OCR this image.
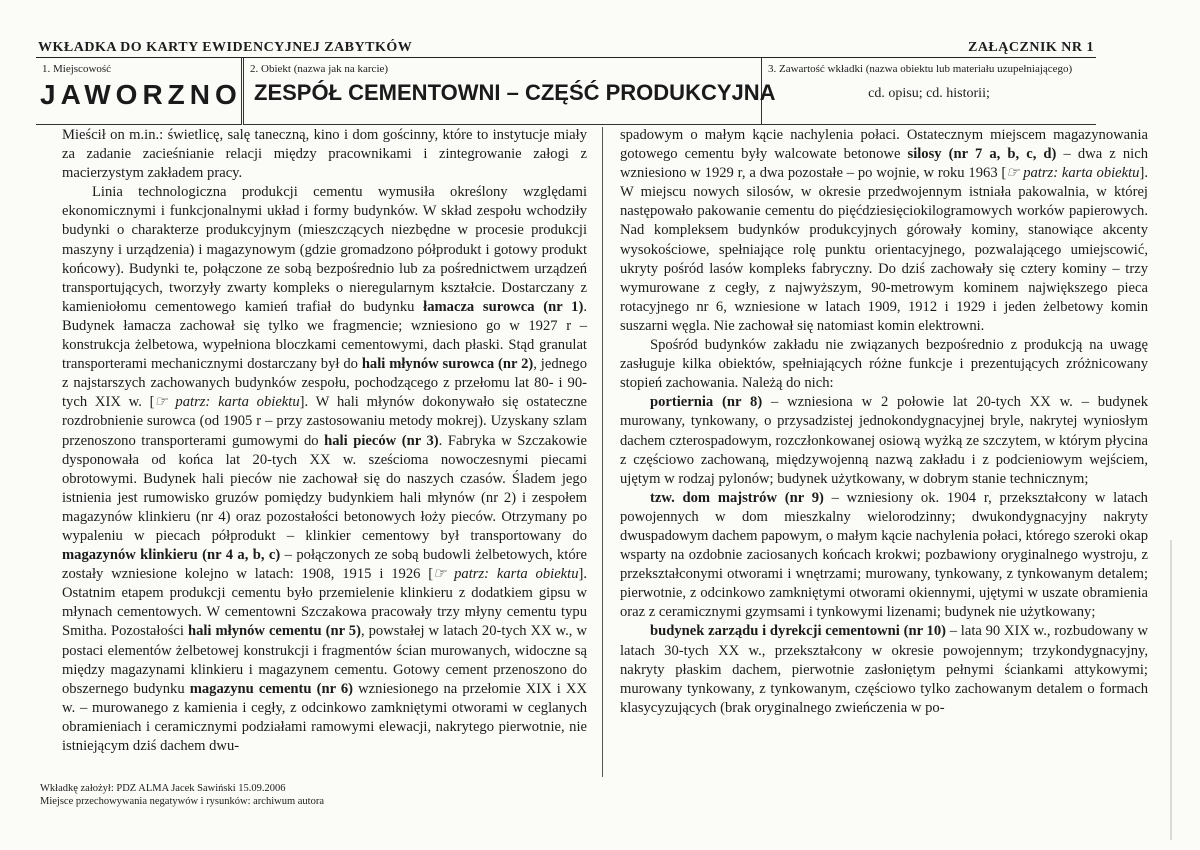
WKŁADKA DO KARTY EWIDENCYJNEJ ZABYTKÓW	ZAŁĄCZNIK NR 1
1. Miejscowość
JAWORZNO
2. Obiekt (nazwa jak na karcie)
ZESPÓŁ CEMENTOWNI – CZĘŚĆ PRODUKCYJNA
3. Zawartość wkładki (nazwa obiektu lub materiału uzupełniającego)
cd. opisu; cd. historii;

Mieścił on m.in.: świetlicę, salę taneczną, kino i dom gościnny, które to instytucje miały za zadanie zacieśnianie relacji między pracownikami i zintegrowanie załogi z macierzystym zakładem pracy.

Linia technologiczna produkcji cementu wymusiła określony względami ekonomicznymi i funkcjonalnymi układ i formy budynków. W skład zespołu wchodziły budynki o charakterze produkcyjnym (mieszczących niezbędne w procesie produkcji maszyny i urządzenia) i magazynowym (gdzie gromadzono półprodukt i gotowy produkt końcowy). Budynki te, połączone ze sobą bezpośrednio lub za pośrednictwem urządzeń transportujących, tworzyły zwarty kompleks o nieregularnym kształcie. Dostarczany z kamieniołomu cementowego kamień trafiał do budynku łamacza surowca (nr 1). Budynek łamacza zachował się tylko we fragmencie; wzniesiono go w 1927 r – konstrukcja żelbetowa, wypełniona bloczkami cementowymi, dach płaski. Stąd granulat transporterami mechanicznymi dostarczany był do hali młynów surowca (nr 2), jednego z najstarszych zachowanych budynków zespołu, pochodzącego z przełomu lat 80- i 90-tych XIX w. [☞ patrz: karta obiektu]. W hali młynów dokonywało się ostateczne rozdrobnienie surowca (od 1905 r – przy zastosowaniu metody mokrej). Uzyskany szlam przenoszono transporterami gumowymi do hali pieców (nr 3). Fabryka w Szczakowie dysponowała od końca lat 20-tych XX w. sześcioma nowoczesnymi piecami obrotowymi. Budynek hali pieców nie zachował się do naszych czasów. Śladem jego istnienia jest rumowisko gruzów pomiędzy budynkiem hali młynów (nr 2) i zespołem magazynów klinkieru (nr 4) oraz pozostałości betonowych łoży pieców. Otrzymany po wypaleniu w piecach półprodukt – klinkier cementowy był transportowany do magazynów klinkieru (nr 4 a, b, c) – połączonych ze sobą budowli żelbetowych, które zostały wzniesione kolejno w latach: 1908, 1915 i 1926 [☞ patrz: karta obiektu]. Ostatnim etapem produkcji cementu było przemielenie klinkieru z dodatkiem gipsu w młynach cementowych. W cementowni Szczakowa pracowały trzy młyny cementu typu Smitha. Pozostałości hali młynów cementu (nr 5), powstałej w latach 20-tych XX w., w postaci elementów żelbetowej konstrukcji i fragmentów ścian murowanych, widoczne są między magazynami klinkieru i magazynem cementu. Gotowy cement przenoszono do obszernego budynku magazynu cementu (nr 6) wzniesionego na przełomie XIX i XX w. – murowanego z kamienia i cegły, z odcinkowo zamkniętymi otworami w ceglanych obramieniach i ceramicznymi podziałami ramowymi elewacji, nakrytego pierwotnie, nie istniejącym dziś dachem dwu-

spadowym o małym kącie nachylenia połaci. Ostatecznym miejscem magazynowania gotowego cementu były walcowate betonowe silosy (nr 7 a, b, c, d) – dwa z nich wzniesiono w 1929 r, a dwa pozostałe – po wojnie, w roku 1963 [☞ patrz: karta obiektu]. W miejscu nowych silosów, w okresie przedwojennym istniała pakowalnia, w której następowało pakowanie cementu do pięćdziesięciokilogramowych worków papierowych. Nad kompleksem budynków produkcyjnych górowały kominy, stanowiące akcenty wysokościowe, spełniające rolę punktu orientacyjnego, pozwalającego umiejscowić, ukryty pośród lasów kompleks fabryczny. Do dziś zachowały się cztery kominy – trzy wymurowane z cegły, z najwyższym, 90-metrowym kominem największego pieca rotacyjnego nr 6, wzniesione w latach 1909, 1912 i 1929 i jeden żelbetowy komin suszarni węgla. Nie zachował się natomiast komin elektrowni.

Spośród budynków zakładu nie związanych bezpośrednio z produkcją na uwagę zasługuje kilka obiektów, spełniających różne funkcje i prezentujących zróżnicowany stopień zachowania. Należą do nich:

portiernia (nr 8) – wzniesiona w 2 połowie lat 20-tych XX w. – budynek murowany, tynkowany, o przysadzistej jednokondygnacyjnej bryle, nakrytej wyniosłym dachem czterospadowym, rozczłonkowanej osiową wyżką ze szczytem, w którym płycina z częściowo zachowaną, międzywojenną nazwą zakładu i z podcieniowym wejściem, ujętym w rodzaj pylonów; budynek użytkowany, w dobrym stanie technicznym;

tzw. dom majstrów (nr 9) – wzniesiony ok. 1904 r, przekształcony w latach powojennych w dom mieszkalny wielorodzinny; dwukondygnacyjny nakryty dwuspadowym dachem papowym, o małym kącie nachylenia połaci, którego szeroki okap wsparty na ozdobnie zaciosanych końcach krokwi; pozbawiony oryginalnego wystroju, z przekształconymi otworami i wnętrzami; murowany, tynkowany, z tynkowanym detalem; pierwotnie, z odcinkowo zamkniętymi otworami okiennymi, ujętymi w uszate obramienia oraz z ceramicznymi gzymsami i tynkowymi lizenami; budynek nie użytkowany;

budynek zarządu i dyrekcji cementowni (nr 10) – lata 90 XIX w., rozbudowany w latach 30-tych XX w., przekształcony w okresie powojennym; trzykondygnacyjny, nakryty płaskim dachem, pierwotnie zasłoniętym pełnymi ściankami attykowymi; murowany tynkowany, z tynkowanym, częściowo tylko zachowanym detalem o formach klasycyzujących (brak oryginalnego zwieńczenia w po-

Wkładkę założył: PDZ ALMA Jacek Sawiński 15.09.2006
Miejsce przechowywania negatywów i rysunków: archiwum autora
